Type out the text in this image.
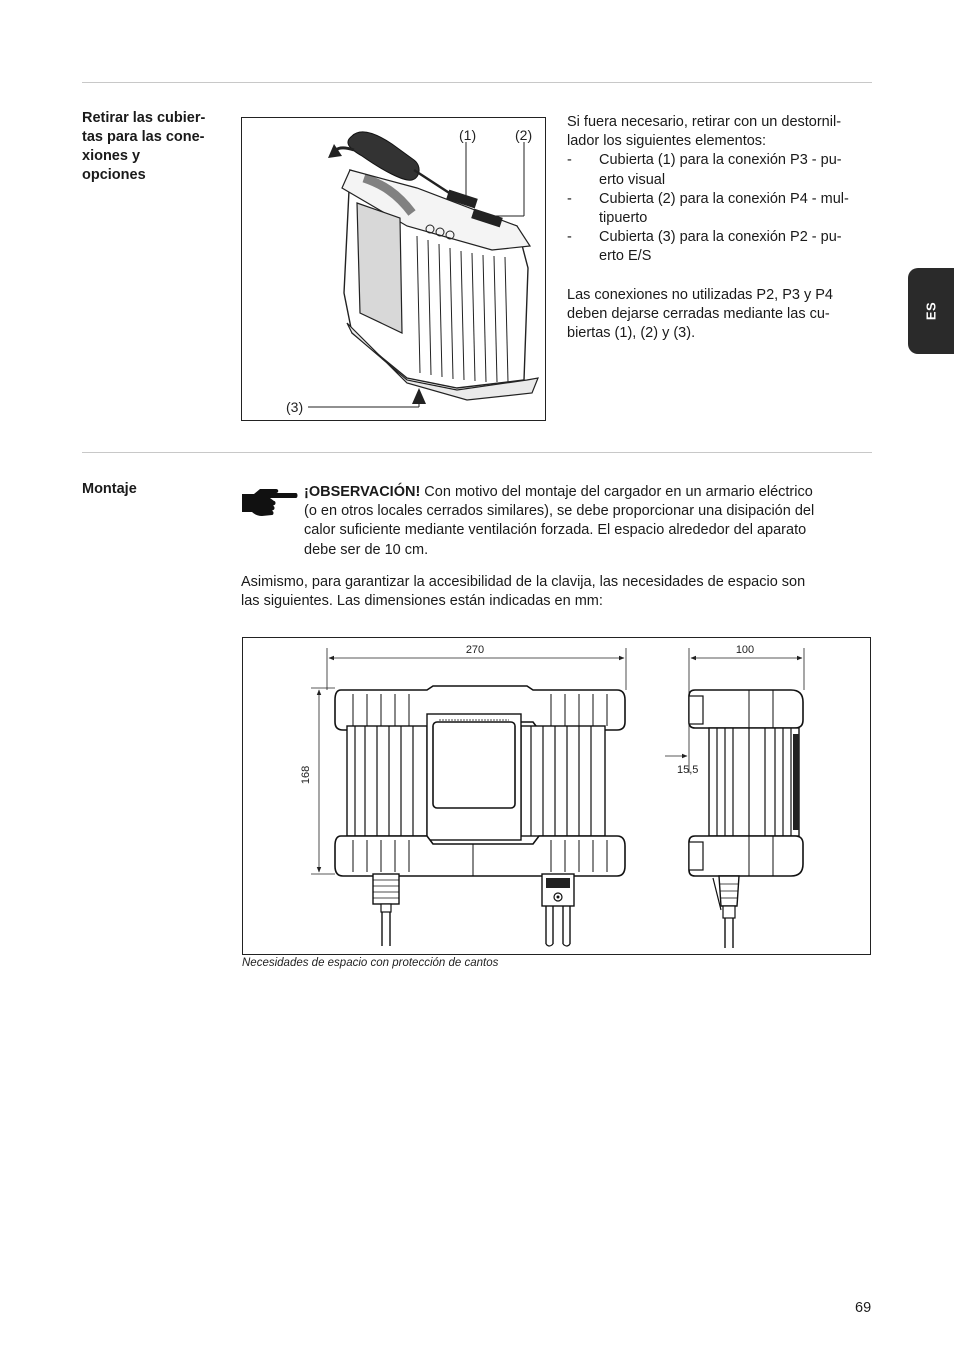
Retirar las cubier-
tas para las cone-
xiones y
opciones
(1)	(2)
(3)
Si fuera necesario, retirar con un destornil-
lador los siguientes elementos:
- Cubierta (1) para la conexión P3 - pu-
erto visual
- Cubierta (2) para la conexión P4 - mul-
tipuerto
- Cubierta (3) para la conexión P2 - pu-
erto E/S
Las conexiones no utilizadas P2, P3 y P4
deben dejarse cerradas mediante las cu-
biertas (1), (2) y (3).
ES
Montaje	¡OBSERVACIÓN! Con motivo del montaje del cargador en un armario eléctrico
(o en otros locales cerrados similares), se debe proporcionar una disipación del
calor suficiente mediante ventilación forzada. El espacio alrededor del aparato
debe ser de 10 cm.
Asimismo, para garantizar la accesibilidad de la clavija, las necesidades de espacio son
las siguientes. Las dimensiones están indicadas en mm:
270
168
100
15,5
Necesidades de espacio con protección de cantos
69
